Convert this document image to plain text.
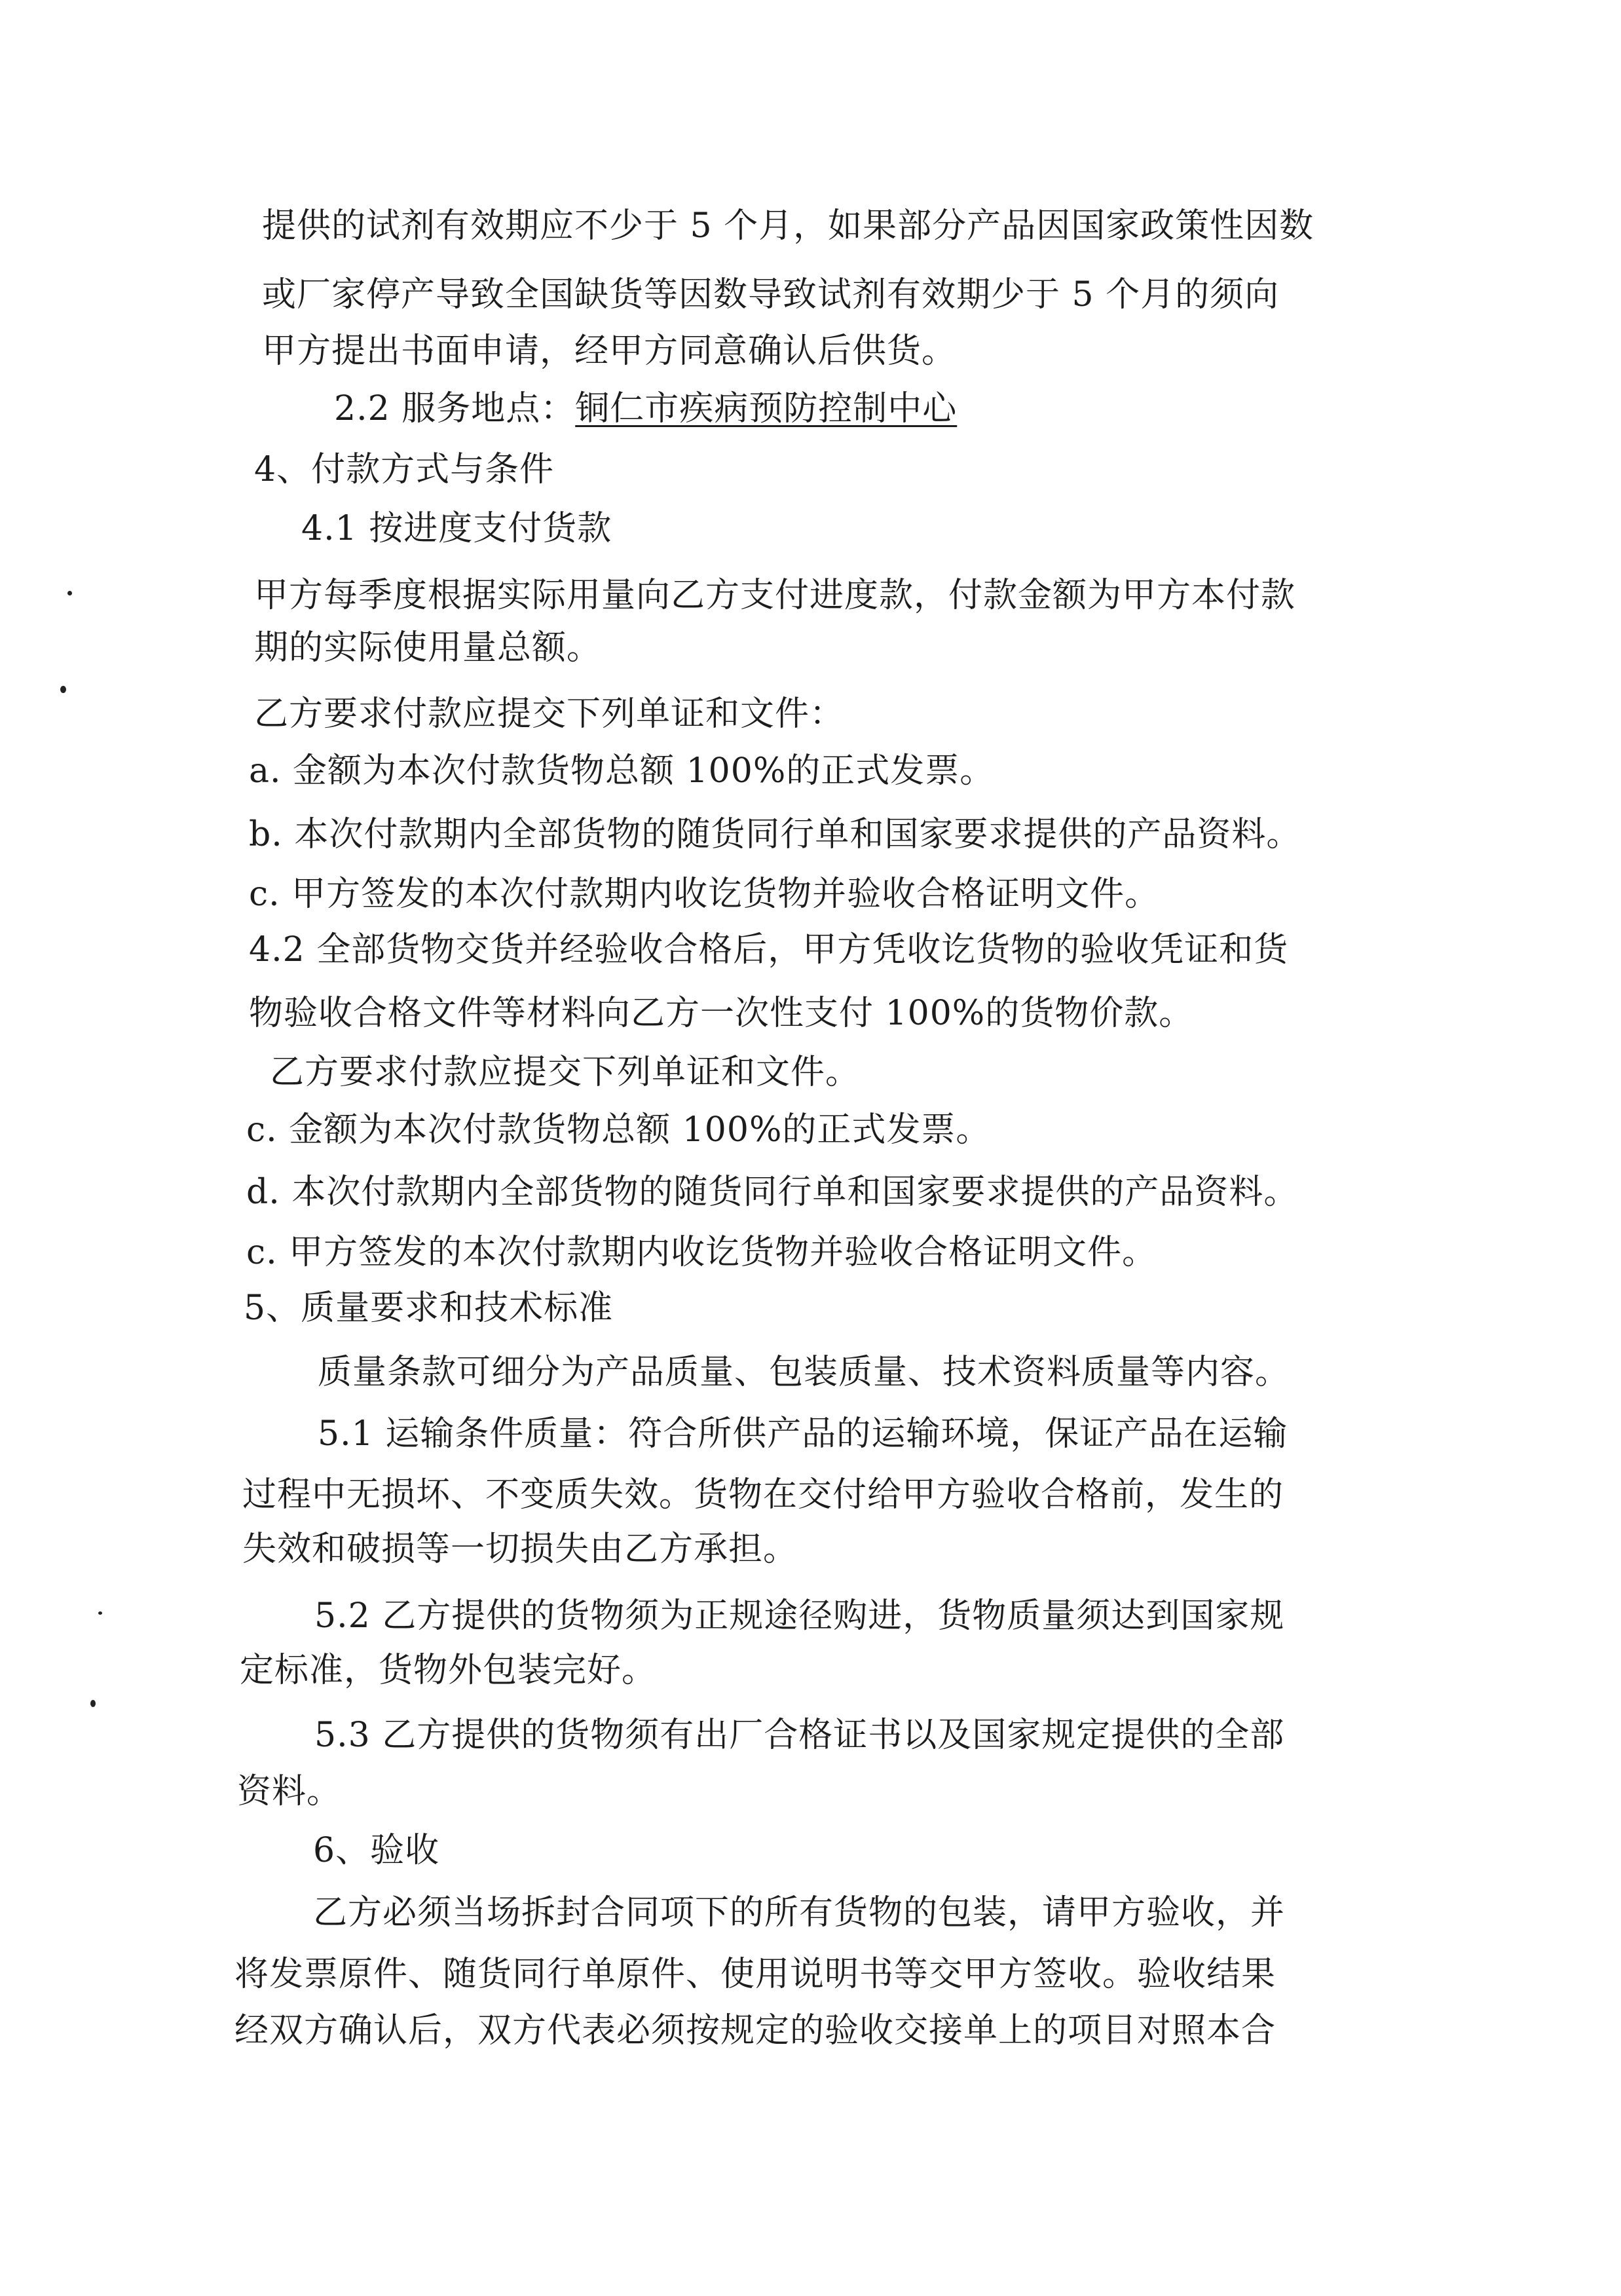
提供的试剂有效期应不少于 5 个月，如果部分产品因国家政策性因数
或厂家停产导致全国缺货等因数导致试剂有效期少于 5 个月的须向
甲方提出书面申请，经甲方同意确认后供货。
2.2 服务地点：铜仁市疾病预防控制中心
4、付款方式与条件
4.1 按进度支付货款
甲方每季度根据实际用量向乙方支付进度款，付款金额为甲方本付款
期的实际使用量总额。
乙方要求付款应提交下列单证和文件：
a. 金额为本次付款货物总额 100%的正式发票。
b. 本次付款期内全部货物的随货同行单和国家要求提供的产品资料。
c. 甲方签发的本次付款期内收讫货物并验收合格证明文件。
4.2 全部货物交货并经验收合格后，甲方凭收讫货物的验收凭证和货
物验收合格文件等材料向乙方一次性支付 100%的货物价款。
乙方要求付款应提交下列单证和文件。
c. 金额为本次付款货物总额 100%的正式发票。
d. 本次付款期内全部货物的随货同行单和国家要求提供的产品资料。
c. 甲方签发的本次付款期内收讫货物并验收合格证明文件。
5、质量要求和技术标准
质量条款可细分为产品质量、包装质量、技术资料质量等内容。
5.1 运输条件质量：符合所供产品的运输环境，保证产品在运输
过程中无损坏、不变质失效。货物在交付给甲方验收合格前，发生的
失效和破损等一切损失由乙方承担。
5.2 乙方提供的货物须为正规途径购进，货物质量须达到国家规
定标准，货物外包装完好。
5.3 乙方提供的货物须有出厂合格证书以及国家规定提供的全部
资料。
6、验收
乙方必须当场拆封合同项下的所有货物的包装，请甲方验收，并
将发票原件、随货同行单原件、使用说明书等交甲方签收。验收结果
经双方确认后，双方代表必须按规定的验收交接单上的项目对照本合
